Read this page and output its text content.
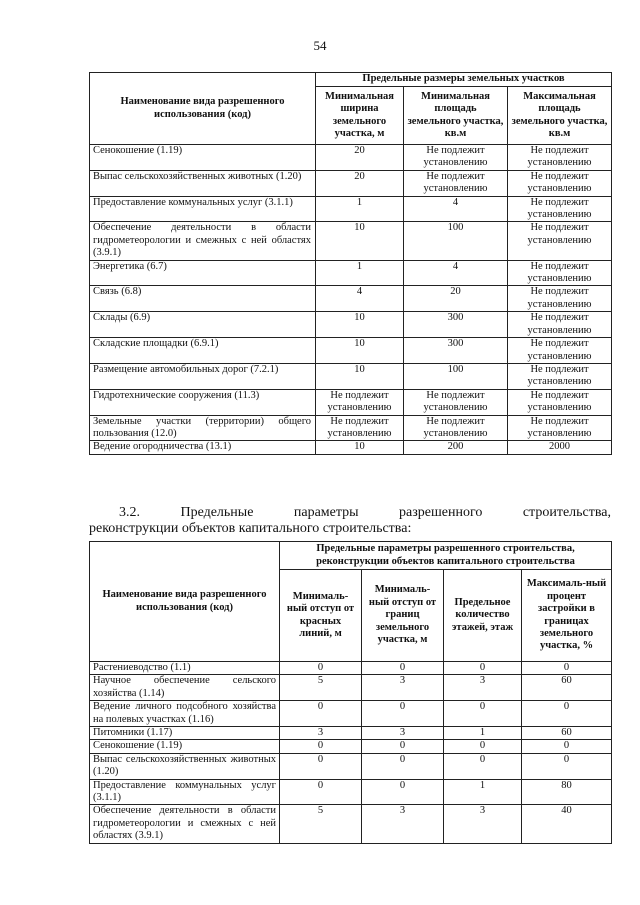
54
Наименование вида разрешенного использования (код)	Предельные размеры земельных участков		
	Минимальная ширина земельного участка, м	Минимальная площадь земельного участка, кв.м	Максимальная площадь земельного участка, кв.м
Сенокошение (1.19)	20	Не подлежит установлению	Не подлежит установлению
Выпас сельскохозяйственных животных (1.20)	20	Не подлежит установлению	Не подлежит установлению
Предоставление коммунальных услуг (3.1.1)	1	4	Не подлежит установлению
Обеспечение деятельности в области гидрометеорологии и смежных с ней областях (3.9.1)	10	100	Не подлежит установлению
Энергетика (6.7)	1	4	Не подлежит установлению
Связь (6.8)	4	20	Не подлежит установлению
Склады (6.9)	10	300	Не подлежит установлению
Складские площадки (6.9.1)	10	300	Не подлежит установлению
Размещение автомобильных дорог (7.2.1)	10	100	Не подлежит установлению
Гидротехнические сооружения (11.3)	Не подлежит установлению	Не подлежит установлению	Не подлежит установлению
Земельные участки (территории) общего пользования (12.0)	Не подлежит установлению	Не подлежит установлению	Не подлежит установлению
Ведение огородничества (13.1)	10	200	2000
3.2.	Предельные	параметры	разрешенного	строительства,
реконструкции объектов капитального строительства:
Наименование вида разрешенного использования (код)	Предельные параметры разрешенного строительства, реконструкции объектов капитального строительства			
	Минималь-ный отступ от красных линий, м	Минималь-ный отступ от границ земельного участка, м	Предельное количество этажей, этаж	Максималь-ный процент застройки в границах земельного участка, %
Растениеводство (1.1)	0	0	0	0
Научное обеспечение сельского хозяйства (1.14)	5	3	3	60
Ведение личного подсобного хозяйства на полевых участках (1.16)	0	0	0	0
Питомники (1.17)	3	3	1	60
Сенокошение (1.19)	0	0	0	0
Выпас сельскохозяйственных животных (1.20)	0	0	0	0
Предоставление коммунальных услуг (3.1.1)	0	0	1	80
Обеспечение деятельности в области гидрометеорологии и смежных с ней областях (3.9.1)	5	3	3	40
